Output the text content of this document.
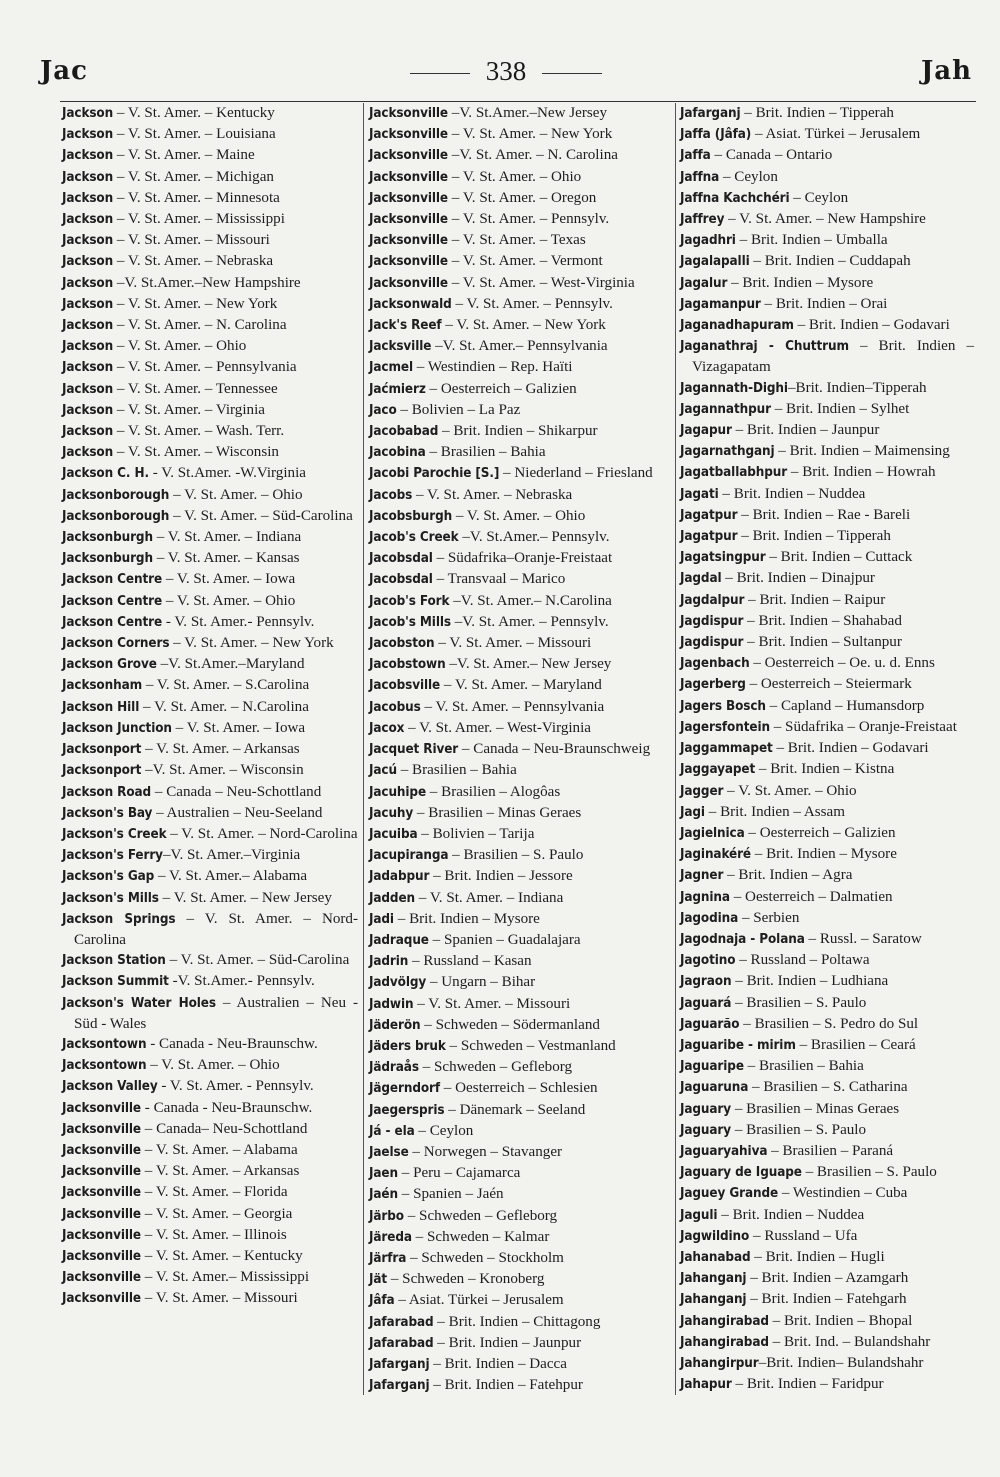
Jac	338	Jah
Jackson – V. St. Amer. – Kentucky
Jackson – V. St. Amer. – Louisiana
Jackson – V. St. Amer. – Maine
Jackson – V. St. Amer. – Michigan
Jackson – V. St. Amer. – Minnesota
Jackson – V. St. Amer. – Mississippi
Jackson – V. St. Amer. – Missouri
Jackson – V. St. Amer. – Nebraska
Jackson –V. St.Amer.–New Hampshire
Jackson – V. St. Amer. – New York
Jackson – V. St. Amer. – N. Carolina
Jackson – V. St. Amer. – Ohio
Jackson – V. St. Amer. – Pennsylvania
Jackson – V. St. Amer. – Tennessee
Jackson – V. St. Amer. – Virginia
Jackson – V. St. Amer. – Wash. Terr.
Jackson – V. St. Amer. – Wisconsin
Jackson C. H. - V. St.Amer. -W.Virginia
Jacksonborough – V. St. Amer. – Ohio
Jacksonborough – V. St. Amer. – Süd-Carolina
Jacksonburgh – V. St. Amer. – Indiana
Jacksonburgh – V. St. Amer. – Kansas
Jackson Centre – V. St. Amer. – Iowa
Jackson Centre – V. St. Amer. – Ohio
Jackson Centre - V. St. Amer.- Pennsylv.
Jackson Corners – V. St. Amer. – New York
Jackson Grove –V. St.Amer.–Maryland
Jacksonham – V. St. Amer. – S.Carolina
Jackson Hill – V. St. Amer. – N.Carolina
Jackson Junction – V. St. Amer. – Iowa
Jacksonport – V. St. Amer. – Arkansas
Jacksonport –V. St. Amer. – Wisconsin
Jackson Road – Canada – Neu-Schottland
Jackson's Bay – Australien – Neu-Seeland
Jackson's Creek – V. St. Amer. – Nord-Carolina
Jackson's Ferry–V. St. Amer.–Virginia
Jackson's Gap – V. St. Amer.– Alabama
Jackson's Mills – V. St. Amer. – New Jersey
Jackson Springs – V. St. Amer. – Nord-Carolina
Jackson Station – V. St. Amer. – Süd-Carolina
Jackson Summit -V. St.Amer.- Pennsylv.
Jackson's Water Holes – Australien – Neu - Süd - Wales
Jacksontown - Canada - Neu-Braunschw.
Jacksontown – V. St. Amer. – Ohio
Jackson Valley - V. St. Amer. - Pennsylv.
Jacksonville - Canada - Neu-Braunschw.
Jacksonville – Canada– Neu-Schottland
Jacksonville – V. St. Amer. – Alabama
Jacksonville – V. St. Amer. – Arkansas
Jacksonville – V. St. Amer. – Florida
Jacksonville – V. St. Amer. – Georgia
Jacksonville – V. St. Amer. – Illinois
Jacksonville – V. St. Amer. – Kentucky
Jacksonville – V. St. Amer.– Mississippi
Jacksonville – V. St. Amer. – Missouri
Jacksonville –V. St.Amer.–New Jersey
Jacksonville – V. St. Amer. – New York
Jacksonville –V. St. Amer. – N. Carolina
Jacksonville – V. St. Amer. – Ohio
Jacksonville – V. St. Amer. – Oregon
Jacksonville – V. St. Amer. – Pennsylv.
Jacksonville – V. St. Amer. – Texas
Jacksonville – V. St. Amer. – Vermont
Jacksonville – V. St. Amer. – West-Virginia
Jacksonwald – V. St. Amer. – Pennsylv.
Jack's Reef – V. St. Amer. – New York
Jacksville –V. St. Amer.– Pennsylvania
Jacmel – Westindien – Rep. Haïti
Jaćmierz – Oesterreich – Galizien
Jaco – Bolivien – La Paz
Jacobabad – Brit. Indien – Shikarpur
Jacobina – Brasilien – Bahia
Jacobi Parochie [S.] – Niederland – Friesland
Jacobs – V. St. Amer. – Nebraska
Jacobsburgh – V. St. Amer. – Ohio
Jacob's Creek –V. St.Amer.– Pennsylv.
Jacobsdal – Südafrika–Oranje-Freistaat
Jacobsdal – Transvaal – Marico
Jacob's Fork –V. St. Amer.– N.Carolina
Jacob's Mills –V. St. Amer. – Pennsylv.
Jacobston – V. St. Amer. – Missouri
Jacobstown –V. St. Amer.– New Jersey
Jacobsville – V. St. Amer. – Maryland
Jacobus – V. St. Amer. – Pennsylvania
Jacox – V. St. Amer. – West-Virginia
Jacquet River – Canada – Neu-Braunschweig
Jacú – Brasilien – Bahia
Jacuhipe – Brasilien – Alogôas
Jacuhy – Brasilien – Minas Geraes
Jacuiba – Bolivien – Tarija
Jacupiranga – Brasilien – S. Paulo
Jadabpur – Brit. Indien – Jessore
Jadden – V. St. Amer. – Indiana
Jadi – Brit. Indien – Mysore
Jadraque – Spanien – Guadalajara
Jadrin – Russland – Kasan
Jadvölgy – Ungarn – Bihar
Jadwin – V. St. Amer. – Missouri
Jäderön – Schweden – Södermanland
Jäders bruk – Schweden – Vestmanland
Jädraås – Schweden – Gefleborg
Jägerndorf – Oesterreich – Schlesien
Jaegerspris – Dänemark – Seeland
Já - ela – Ceylon
Jaelse – Norwegen – Stavanger
Jaen – Peru – Cajamarca
Jaén – Spanien – Jaén
Järbo – Schweden – Gefleborg
Järeda – Schweden – Kalmar
Järfra – Schweden – Stockholm
Jät – Schweden – Kronoberg
Jâfa – Asiat. Türkei – Jerusalem
Jafarabad – Brit. Indien – Chittagong
Jafarabad – Brit. Indien – Jaunpur
Jafarganj – Brit. Indien – Dacca
Jafarganj – Brit. Indien – Fatehpur
Jafarganj – Brit. Indien – Tipperah
Jaffa (Jâfa) – Asiat. Türkei – Jerusalem
Jaffa – Canada – Ontario
Jaffna – Ceylon
Jaffna Kachchéri – Ceylon
Jaffrey – V. St. Amer. – New Hampshire
Jagadhri – Brit. Indien – Umballa
Jagalapalli – Brit. Indien – Cuddapah
Jagalur – Brit. Indien – Mysore
Jagamanpur – Brit. Indien – Orai
Jaganadhapuram – Brit. Indien – Godavari
Jaganathraj - Chuttrum – Brit. Indien – Vizagapatam
Jagannath-Dighi–Brit. Indien–Tipperah
Jagannathpur – Brit. Indien – Sylhet
Jagapur – Brit. Indien – Jaunpur
Jagarnathganj – Brit. Indien – Maimensing
Jagatballabhpur – Brit. Indien – Howrah
Jagati – Brit. Indien – Nuddea
Jagatpur – Brit. Indien – Rae - Bareli
Jagatpur – Brit. Indien – Tipperah
Jagatsingpur – Brit. Indien – Cuttack
Jagdal – Brit. Indien – Dinajpur
Jagdalpur – Brit. Indien – Raipur
Jagdispur – Brit. Indien – Shahabad
Jagdispur – Brit. Indien – Sultanpur
Jagenbach – Oesterreich – Oe. u. d. Enns
Jagerberg – Oesterreich – Steiermark
Jagers Bosch – Capland – Humansdorp
Jagersfontein – Südafrika – Oranje-Freistaat
Jaggammapet – Brit. Indien – Godavari
Jaggayapet – Brit. Indien – Kistna
Jagger – V. St. Amer. – Ohio
Jagi – Brit. Indien – Assam
Jagielnica – Oesterreich – Galizien
Jaginakéré – Brit. Indien – Mysore
Jagner – Brit. Indien – Agra
Jagnina – Oesterreich – Dalmatien
Jagodina – Serbien
Jagodnaja - Polana – Russl. – Saratow
Jagotino – Russland – Poltawa
Jagraon – Brit. Indien – Ludhiana
Jaguará – Brasilien – S. Paulo
Jaguarão – Brasilien – S. Pedro do Sul
Jaguaribe - mirim – Brasilien – Ceará
Jaguaripe – Brasilien – Bahia
Jaguaruna – Brasilien – S. Catharina
Jaguary – Brasilien – Minas Geraes
Jaguary – Brasilien – S. Paulo
Jaguaryahiva – Brasilien – Paraná
Jaguary de Iguape – Brasilien – S. Paulo
Jaguey Grande – Westindien – Cuba
Jaguli – Brit. Indien – Nuddea
Jagwildino – Russland – Ufa
Jahanabad – Brit. Indien – Hugli
Jahanganj – Brit. Indien – Azamgarh
Jahanganj – Brit. Indien – Fatehgarh
Jahangirabad – Brit. Indien – Bhopal
Jahangirabad – Brit. Ind. – Bulandshahr
Jahangirpur–Brit. Indien– Bulandshahr
Jahapur – Brit. Indien – Faridpur
